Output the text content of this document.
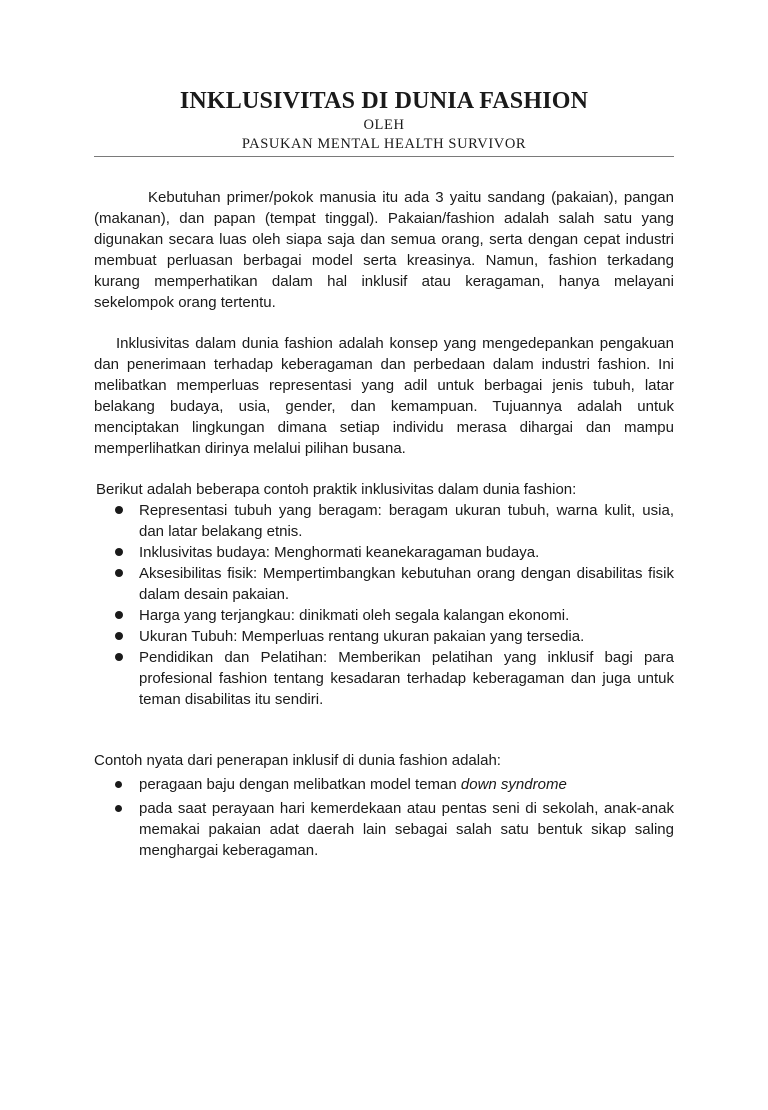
INKLUSIVITAS DI DUNIA FASHION
OLEH
PASUKAN MENTAL HEALTH SURVIVOR
Kebutuhan primer/pokok manusia itu ada 3 yaitu sandang (pakaian), pangan (makanan), dan papan (tempat tinggal). Pakaian/fashion adalah salah satu yang digunakan secara luas oleh siapa saja dan semua orang, serta dengan cepat industri membuat perluasan berbagai model serta kreasinya. Namun, fashion terkadang kurang memperhatikan dalam hal inklusif atau keragaman, hanya melayani sekelompok orang tertentu.
Inklusivitas dalam dunia fashion adalah konsep yang mengedepankan pengakuan dan penerimaan terhadap keberagaman dan perbedaan dalam industri fashion. Ini melibatkan memperluas representasi yang adil untuk berbagai jenis tubuh, latar belakang budaya, usia, gender, dan kemampuan. Tujuannya adalah untuk menciptakan lingkungan dimana setiap individu merasa dihargai dan mampu memperlihatkan dirinya melalui pilihan busana.
Berikut adalah beberapa contoh praktik inklusivitas dalam dunia fashion:
Representasi tubuh yang beragam: beragam ukuran tubuh, warna kulit, usia, dan latar belakang etnis.
Inklusivitas budaya: Menghormati keanekaragaman budaya.
Aksesibilitas fisik: Mempertimbangkan kebutuhan orang dengan disabilitas fisik dalam desain pakaian.
Harga yang terjangkau: dinikmati oleh segala kalangan ekonomi.
Ukuran Tubuh: Memperluas rentang ukuran pakaian yang tersedia.
Pendidikan dan Pelatihan: Memberikan pelatihan yang inklusif bagi para profesional fashion tentang kesadaran terhadap keberagaman dan juga untuk teman disabilitas itu sendiri.
Contoh nyata dari penerapan inklusif di dunia fashion adalah:
peragaan baju dengan melibatkan model teman down syndrome
pada saat perayaan hari kemerdekaan atau pentas seni di sekolah, anak-anak memakai pakaian adat daerah lain sebagai salah satu bentuk sikap saling menghargai keberagaman.
